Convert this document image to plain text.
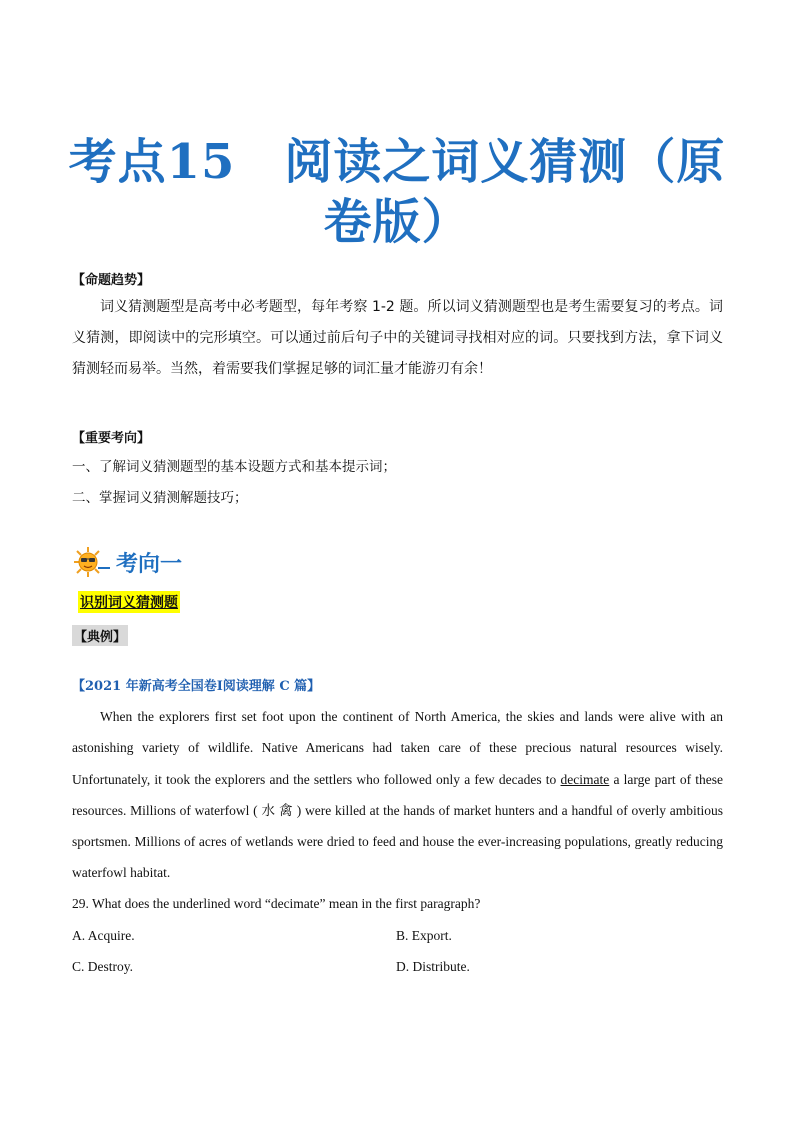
考点15　阅读之词义猜测（原
卷版）
【命题趋势】
词义猜测题型是高考中必考题型，每年考察 1-2 题。所以词义猜测题型也是考生需要复习的考点。词义猜测，即阅读中的完形填空。可以通过前后句子中的关键词寻找相对应的词。只要找到方法，拿下词义猜测轻而易举。当然，着需要我们掌握足够的词汇量才能游刃有余！
【重要考向】
一、了解词义猜测题型的基本设题方式和基本提示词；
二、掌握词义猜测解题技巧；
考向一
识别词义猜测题
【典例】
【2021 年新高考全国卷Ⅰ阅读理解 C 篇】
When the explorers first set foot upon the continent of North America, the skies and lands were alive with an astonishing variety of wildlife. Native Americans had taken care of these precious natural resources wisely. Unfortunately, it took the explorers and the settlers who followed only a few decades to decimate a large part of these resources. Millions of waterfowl ( 水 禽 ) were killed at the hands of market hunters and a handful of overly ambitious sportsmen. Millions of acres of wetlands were dried to feed and house the ever-increasing populations, greatly reducing waterfowl habitat.
29. What does the underlined word “decimate” mean in the first paragraph?
A. Acquire.	B. Export.
C. Destroy.	D. Distribute.
